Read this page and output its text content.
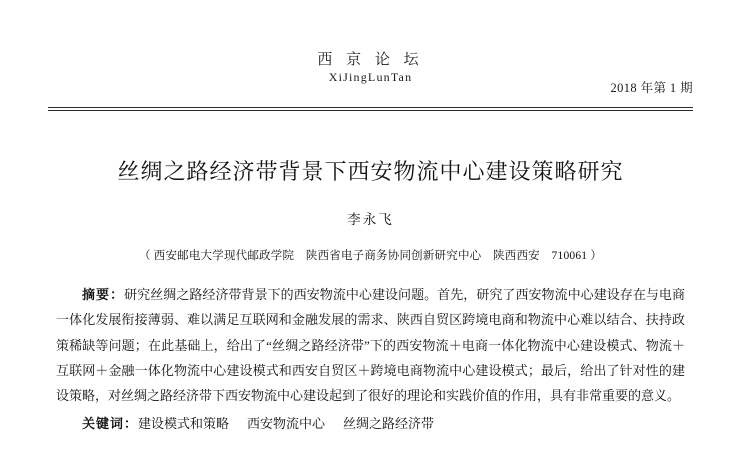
西 京 论 坛
XiJingLunTan
2018 年第 1 期
丝绸之路经济带背景下西安物流中心建设策略研究
李永飞
（ 西安邮电大学现代邮政学院　陕西省电子商务协同创新研究中心　陕西西安　710061 ）

摘要：研究丝绸之路经济带背景下的西安物流中心建设问题。首先，研究了西安物流中心建设存在与电商一体化发展衔接薄弱、难以满足互联网和金融发展的需求、陕西自贸区跨境电商和物流中心难以结合、扶持政策稀缺等问题；在此基础上，给出了“丝绸之路经济带”下的西安物流＋电商一体化物流中心建设模式、物流＋互联网＋金融一体化物流中心建设模式和西安自贸区＋跨境电商物流中心建设模式；最后，给出了针对性的建设策略，对丝绸之路经济带下西安物流中心建设起到了很好的理论和实践价值的作用，具有非常重要的意义。

关键词：建设模式和策略 西安物流中心 丝绸之路经济带
